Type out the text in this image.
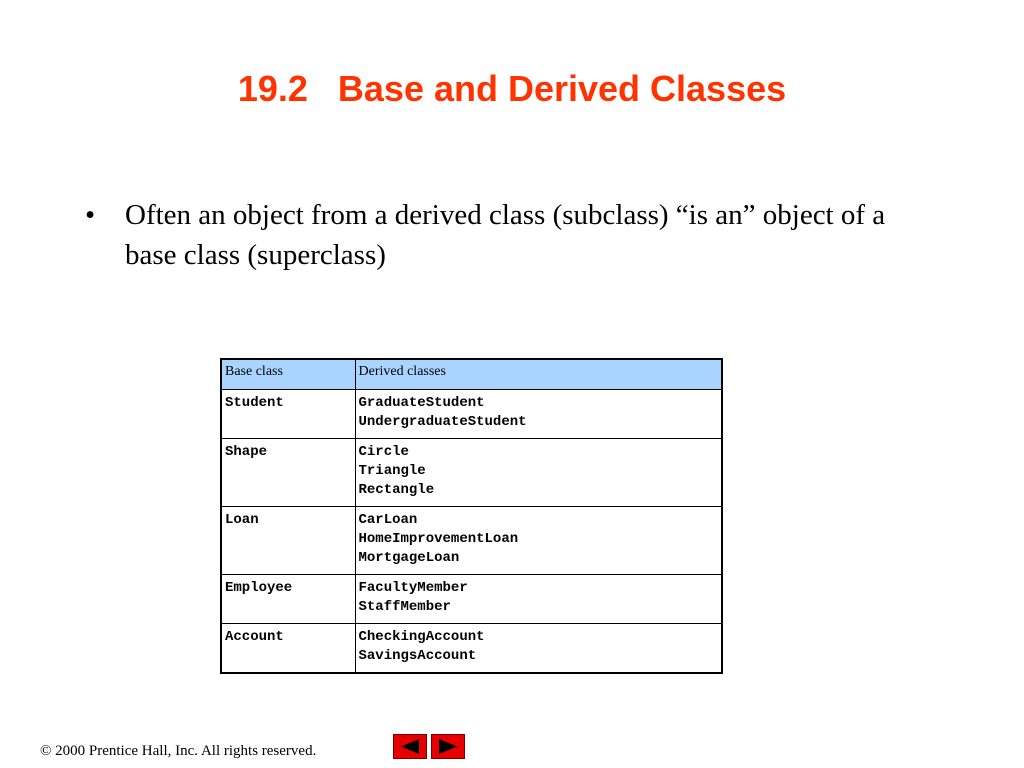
19.2   Base and Derived Classes
• Often an object from a derived class (subclass) “is an” object of a base class (superclass)
Base class	Derived classes
Student	GraduateStudent
UndergraduateStudent

Shape	Circle
Triangle
Rectangle

Loan	CarLoan
HomeImprovementLoan
MortgageLoan

Employee	FacultyMember
StaffMember

Account	CheckingAccount
SavingsAccount
© 2000 Prentice Hall, Inc. All rights reserved.
